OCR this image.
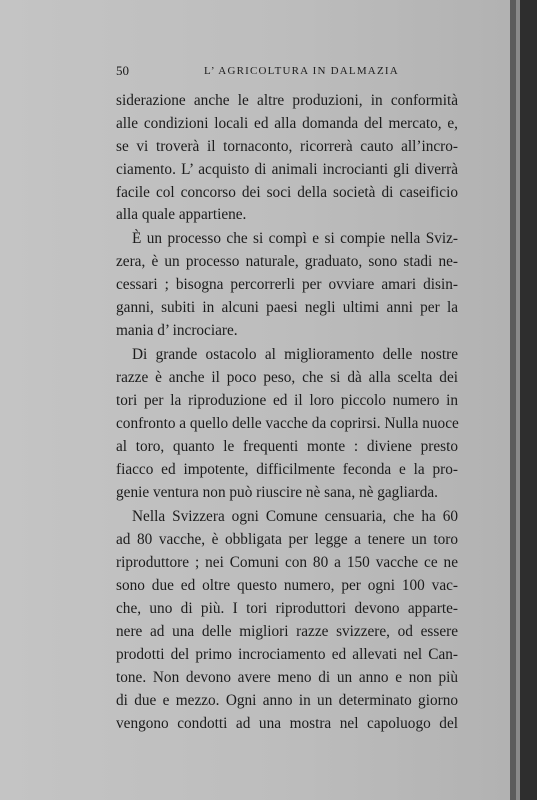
50	L’ AGRICOLTURA IN DALMAZIA
siderazione anche le altre produzioni, in conformità
alle condizioni locali ed alla domanda del mercato, e,
se vi troverà il tornaconto, ricorrerà cauto all’incro-
ciamento. L’ acquisto di animali incrocianti gli diverrà
facile col concorso dei soci della società di caseificio
alla quale appartiene.
È un processo che si compì e si compie nella Sviz-
zera, è un processo naturale, graduato, sono stadi ne-
cessari ; bisogna percorrerli per ovviare amari disin-
ganni, subiti in alcuni paesi negli ultimi anni per la
mania d’ incrociare.
Di grande ostacolo al miglioramento delle nostre
razze è anche il poco peso, che si dà alla scelta dei
tori per la riproduzione ed il loro piccolo numero in
confronto a quello delle vacche da coprirsi. Nulla nuoce
al toro, quanto le frequenti monte : diviene presto
fiacco ed impotente, difficilmente feconda e la pro-
genie ventura non può riuscire nè sana, nè gagliarda.
Nella Svizzera ogni Comune censuaria, che ha 60
ad 80 vacche, è obbligata per legge a tenere un toro
riproduttore ; nei Comuni con 80 a 150 vacche ce ne
sono due ed oltre questo numero, per ogni 100 vac-
che, uno di più. I tori riproduttori devono apparte-
nere ad una delle migliori razze svizzere, od essere
prodotti del primo incrociamento ed allevati nel Can-
tone. Non devono avere meno di un anno e non più
di due e mezzo. Ogni anno in un determinato giorno
vengono condotti ad una mostra nel capoluogo del
